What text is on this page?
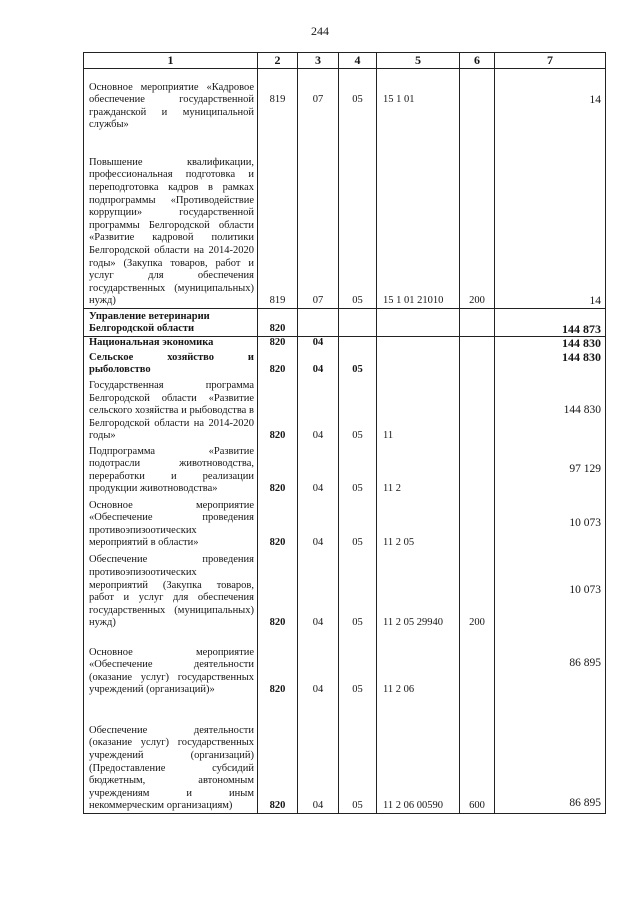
244
1	2	3	4	5	6	7
Основное мероприятие «Кадровое обеспечение государственной гражданской и муниципальной службы»	819	07	05	15 1 01		14
Повышение квалификации, профессиональная подготовка и переподготовка кадров в рамках подпрограммы «Противодействие коррупции» государственной программы Белгородской области «Развитие кадровой политики Белгородской области на 2014-2020 годы» (Закупка товаров, работ и услуг для обеспечения государственных (муниципальных) нужд)	819	07	05	15 1 01 21010	200	14
Управление ветеринарии Белгородской области	820					144 873
Национальная экономика	820	04				144 830
Сельское хозяйство и рыболовство	820	04	05			144 830
Государственная программа Белгородской области «Развитие сельского хозяйства и рыбоводства в Белгородской области на 2014-2020 годы»	820	04	05	11		144 830
Подпрограмма «Развитие подотрасли животноводства, переработки и реализации продукции животноводства»	820	04	05	11 2		97 129
Основное мероприятие «Обеспечение проведения противоэпизоотических мероприятий в области»	820	04	05	11 2 05		10 073
Обеспечение проведения противоэпизоотических мероприятий (Закупка товаров, работ и услуг для обеспечения государственных (муниципальных) нужд)	820	04	05	11 2 05 29940	200	10 073
Основное мероприятие «Обеспечение деятельности (оказание услуг) государственных учреждений (организаций)»	820	04	05	11 2 06		86 895
Обеспечение деятельности (оказание услуг) государственных учреждений (организаций) (Предоставление субсидий бюджетным, автономным учреждениям и иным некоммерческим организациям)	820	04	05	11 2 06 00590	600	86 895
